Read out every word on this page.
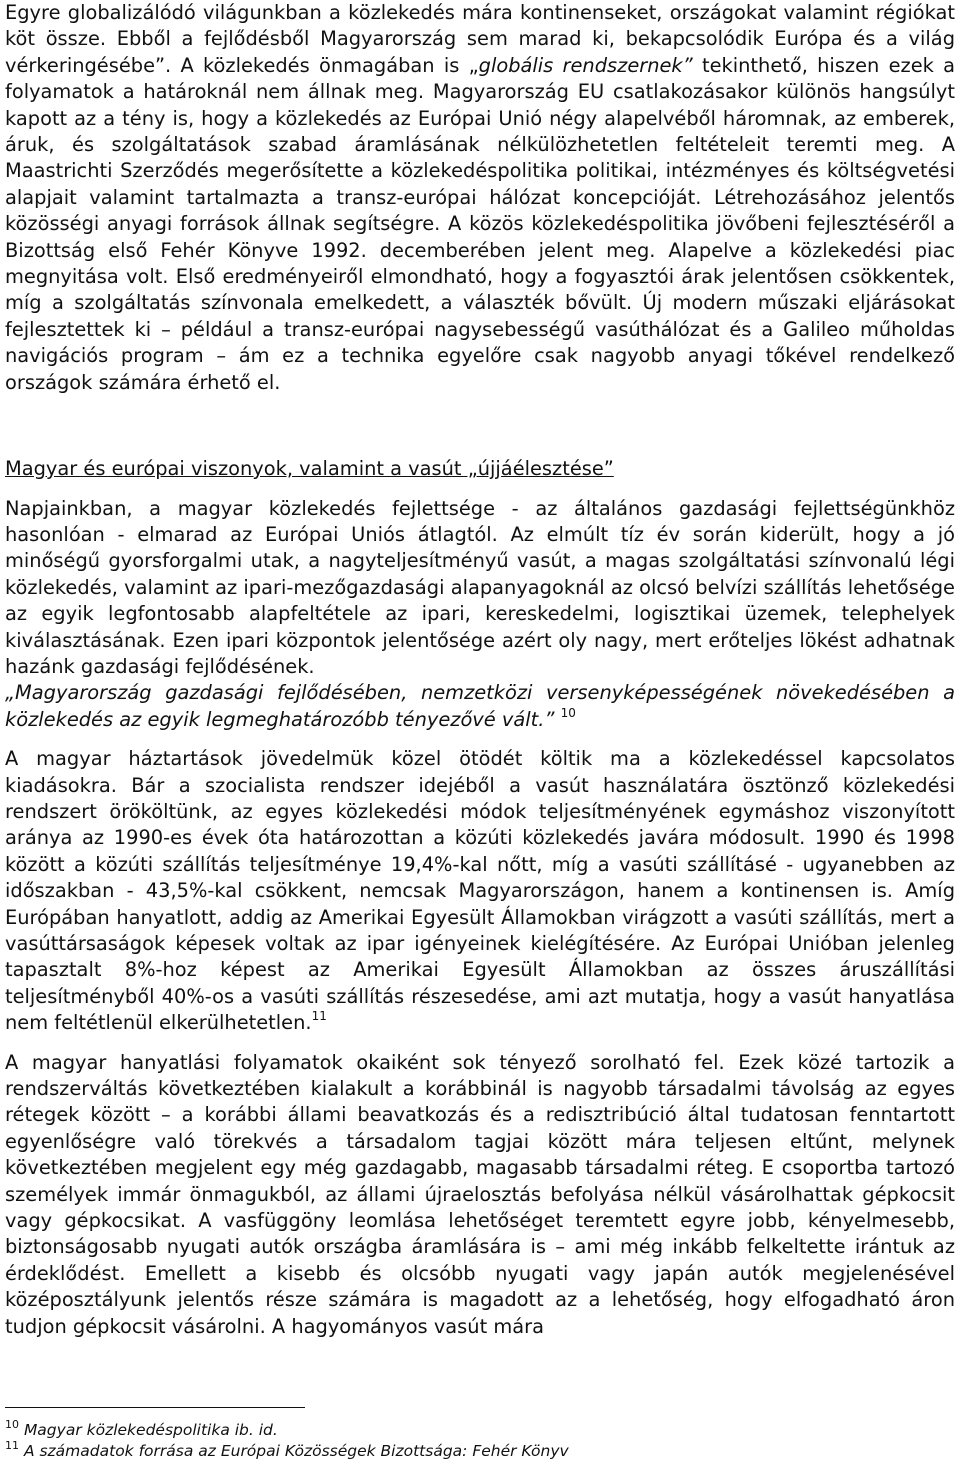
Egyre globalizálódó világunkban a közlekedés mára kontinenseket, országokat valamint régiókat köt össze. Ebből a fejlődésből Magyarország sem marad ki, bekapcsolódik Európa és a világ vérkeringésébe”. A közlekedés önmagában is „globális rendszernek” tekinthető, hiszen ezek a folyamatok a határoknál nem állnak meg. Magyarország EU csatlakozásakor különös hangsúlyt kapott az a tény is, hogy a közlekedés az Európai Unió négy alapelvéből háromnak, az emberek, áruk, és szolgáltatások szabad áramlásának nélkülözhetetlen feltételeit teremti meg. A Maastrichti Szerződés megerősítette a közlekedéspolitika politikai, intézményes és költségvetési alapjait valamint tartalmazta a transz-európai hálózat koncepcióját. Létrehozásához jelentős közösségi anyagi források állnak segítségre. A közös közlekedéspolitika jövőbeni fejlesztéséről a Bizottság első Fehér Könyve 1992. decemberében jelent meg. Alapelve a közlekedési piac megnyitása volt. Első eredményeiről elmondható, hogy a fogyasztói árak jelentősen csökkentek, míg a szolgáltatás színvonala emelkedett, a választék bővült. Új modern műszaki eljárásokat fejlesztettek ki – például a transz-európai nagysebességű vasúthálózat és a Galileo műholdas navigációs program – ám ez a technika egyelőre csak nagyobb anyagi tőkével rendelkező országok számára érhető el.

Magyar és európai viszonyok, valamint a vasút „újjáélesztése”

Napjainkban, a magyar közlekedés fejlettsége - az általános gazdasági fejlettségünkhöz hasonlóan - elmarad az Európai Uniós átlagtól. Az elmúlt tíz év során kiderült, hogy a jó minőségű gyorsforgalmi utak, a nagyteljesítményű vasút, a magas szolgáltatási színvonalú légi közlekedés, valamint az ipari-mezőgazdasági alapanyagoknál az olcsó belvízi szállítás lehetősége az egyik legfontosabb alapfeltétele az ipari, kereskedelmi, logisztikai üzemek, telephelyek kiválasztásának. Ezen ipari központok jelentősége azért oly nagy, mert erőteljes lökést adhatnak hazánk gazdasági fejlődésének.

„Magyarország gazdasági fejlődésében, nemzetközi versenyképességének növekedésében a közlekedés az egyik legmeghatározóbb tényezővé vált.” $^{10}$

A magyar háztartások jövedelmük közel ötödét költik ma a közlekedéssel kapcsolatos kiadásokra. Bár a szocialista rendszer idejéből a vasút használatára ösztönző közlekedési rendszert örököltünk, az egyes közlekedési módok teljesítményének egymáshoz viszonyított aránya az 1990-es évek óta határozottan a közúti közlekedés javára módosult. 1990 és 1998 között a közúti szállítás teljesítménye 19,4%-kal nőtt, míg a vasúti szállításé - ugyanebben az időszakban - 43,5%-kal csökkent, nemcsak Magyarországon, hanem a kontinensen is. Amíg Európában hanyatlott, addig az Amerikai Egyesült Államokban virágzott a vasúti szállítás, mert a vasúttársaságok képesek voltak az ipar igényeinek kielégítésére. Az Európai Unióban jelenleg tapasztalt 8%-hoz képest az Amerikai Egyesült Államokban az összes áruszállítási teljesítményből 40%-os a vasúti szállítás részesedése, ami azt mutatja, hogy a vasút hanyatlása nem feltétlenül elkerülhetetlen.$^{11}$

A magyar hanyatlási folyamatok okaiként sok tényező sorolható fel. Ezek közé tartozik a rendszerváltás következtében kialakult a korábbinál is nagyobb társadalmi távolság az egyes rétegek között – a korábbi állami beavatkozás és a redisztribúció által tudatosan fenntartott egyenlőségre való törekvés a társadalom tagjai között mára teljesen eltűnt, melynek következtében megjelent egy még gazdagabb, magasabb társadalmi réteg. E csoportba tartozó személyek immár önmagukból, az állami újraelosztás befolyása nélkül vásárolhattak gépkocsit vagy gépkocsikat. A vasfüggöny leomlása lehetőséget teremtett egyre jobb, kényelmesebb, biztonságosabb nyugati autók országba áramlására is – ami még inkább felkeltette irántuk az érdeklődést. Emellett a kisebb és olcsóbb nyugati vagy japán autók megjelenésével középosztályunk jelentős része számára is magadott az a lehetőség, hogy elfogadható áron tudjon gépkocsit vásárolni. A hagyományos vasút mára

$^{10}$ Magyar közlekedéspolitika ib. id.
$^{11}$ A számadatok forrása az Európai Közösségek Bizottsága: Fehér Könyv
